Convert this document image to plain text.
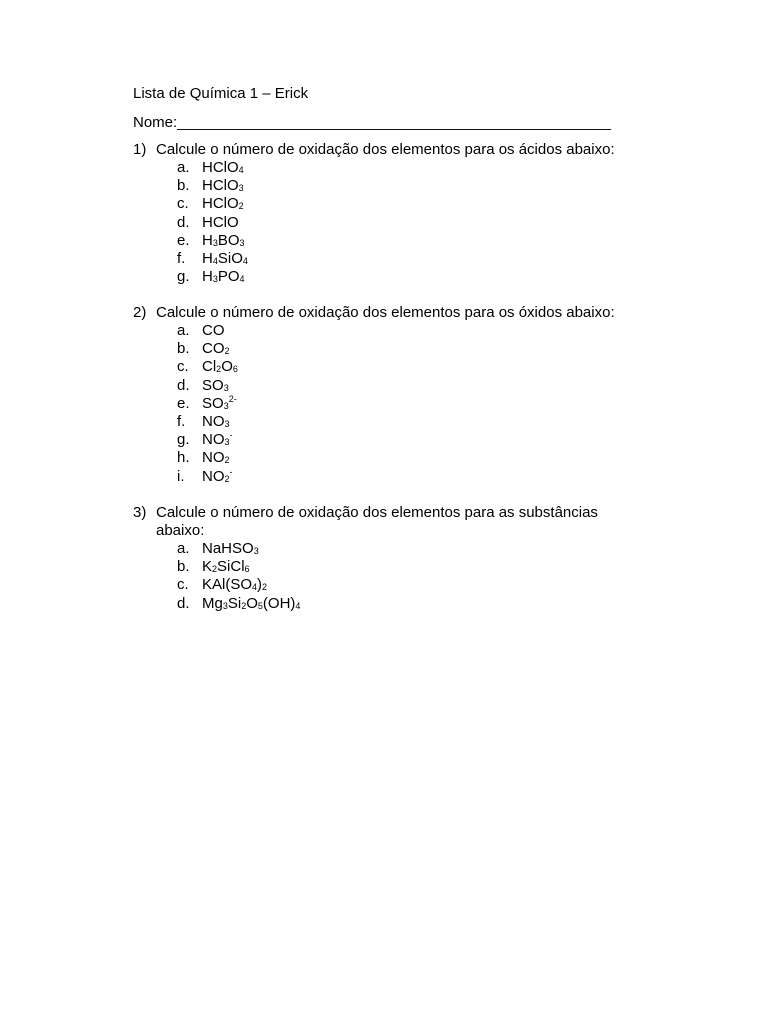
Lista de Química 1 – Erick
Nome:____________________________________________________
1) Calcule o número de oxidação dos elementos para os ácidos abaixo:
a. HClO$_4$
b. HClO$_3$
c. HClO$_2$
d. HClO
e. $H_3BO_3$
f. $H_4SiO_4$
g. $H_3PO_4$
2) Calcule o número de oxidação dos elementos para os óxidos abaixo:
a. CO
b. $CO_2$
c. $Cl_2O_6$
d. $SO_3$
e. $SO_3^{2-}$
f. $NO_3$
g. $NO_3^-$
h. $NO_2$
i. $NO_2^-$
3) Calcule o número de oxidação dos elementos para as substâncias
abaixo:
a. NaHSO$_3$
b. $K_2SiCl_6$
c. $KAl(SO_4)_2$
d. $Mg_3Si_2O_5(OH)_4$
